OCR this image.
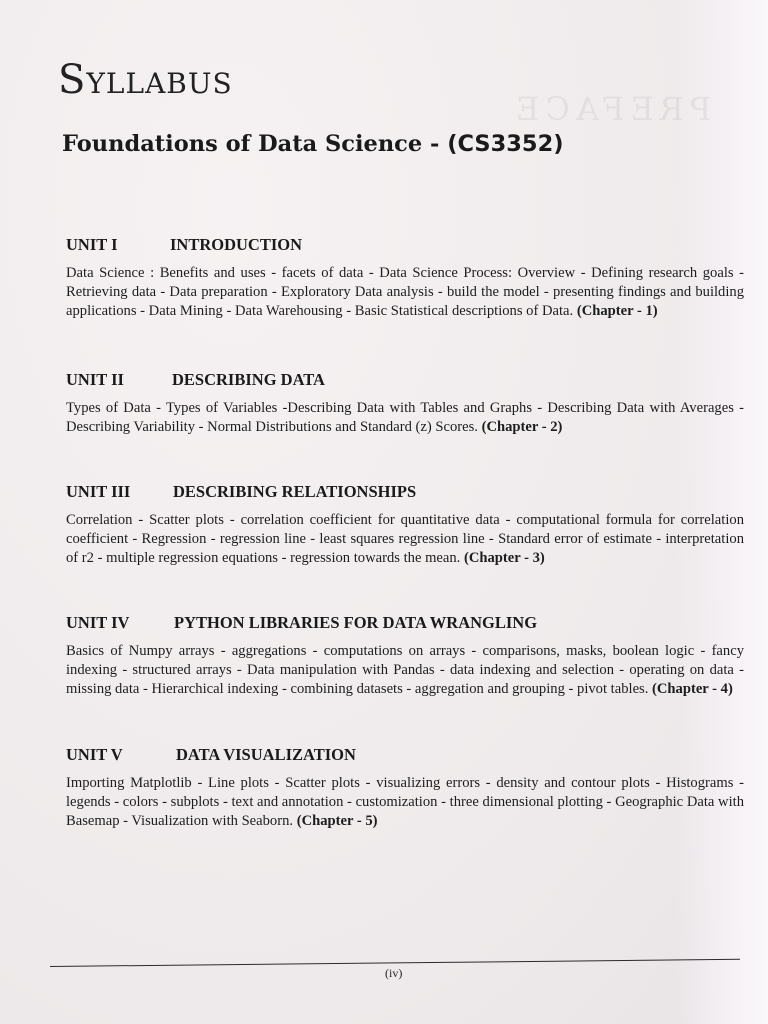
PREFACE
Syllabus
Foundations of Data Science - (CS3352)
UNIT I	INTRODUCTION

Data Science : Benefits and uses - facets of data - Data Science Process: Overview - Defining research goals - Retrieving data - Data preparation - Exploratory Data analysis - build the model - presenting findings and building applications - Data Mining - Data Warehousing - Basic Statistical descriptions of Data. (Chapter - 1)

UNIT II	DESCRIBING DATA

Types of Data - Types of Variables -Describing Data with Tables and Graphs - Describing Data with Averages - Describing Variability - Normal Distributions and Standard (z) Scores. (Chapter - 2)

UNIT III	DESCRIBING RELATIONSHIPS

Correlation - Scatter plots - correlation coefficient for quantitative data - computational formula for correlation coefficient - Regression - regression line - least squares regression line - Standard error of estimate - interpretation of r2 - multiple regression equations - regression towards the mean. (Chapter - 3)

UNIT IV	PYTHON LIBRARIES FOR DATA WRANGLING

Basics of Numpy arrays - aggregations - computations on arrays - comparisons, masks, boolean logic - fancy indexing - structured arrays - Data manipulation with Pandas - data indexing and selection - operating on data - missing data - Hierarchical indexing - combining datasets - aggregation and grouping - pivot tables. (Chapter - 4)

UNIT V	DATA VISUALIZATION

Importing Matplotlib - Line plots - Scatter plots - visualizing errors - density and contour plots - Histograms - legends - colors - subplots - text and annotation - customization - three dimensional plotting - Geographic Data with Basemap - Visualization with Seaborn. (Chapter - 5)

(iv)
